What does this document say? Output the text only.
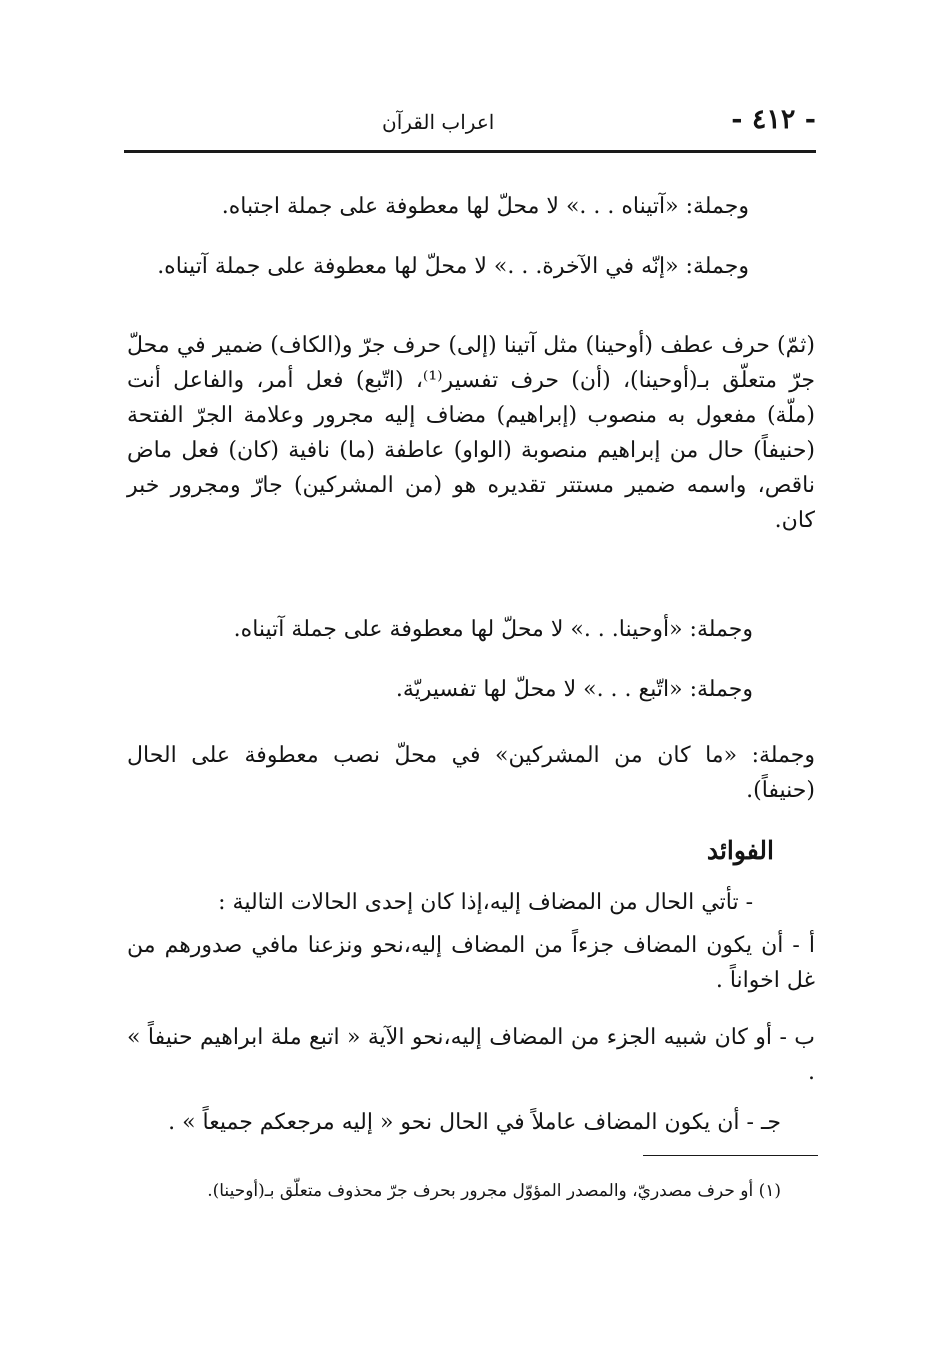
- ٤١٢ -
اعراب القرآن
وجملة: «آتيناه . . .» لا محلّ لها معطوفة على جملة اجتباه.
وجملة: «إنّه في الآخرة. . .» لا محلّ لها معطوفة على جملة آتيناه.
(ثمّ) حرف عطف (أوحينا) مثل آتينا (إلى) حرف جرّ و(الكاف) ضمير في محلّ جرّ متعلّق بـ(أوحينا)، (أن) حرف تفسير⁽¹⁾، (اتّبع) فعل أمر، والفاعل أنت (ملّة) مفعول به منصوب (إبراهيم) مضاف إليه مجرور وعلامة الجرّ الفتحة (حنيفاً) حال من إبراهيم منصوبة (الواو) عاطفة (ما) نافية (كان) فعل ماض ناقص، واسمه ضمير مستتر تقديره هو (من المشركين) جارّ ومجرور خبر كان.
وجملة: «أوحينا. . .» لا محلّ لها معطوفة على جملة آتيناه.
وجملة: «اتّبع . . .» لا محلّ لها تفسيريّة.
وجملة: «ما كان من المشركين» في محلّ نصب معطوفة على الحال (حنيفاً).
الفوائد
- تأتي الحال من المضاف إليه،إذا كان إحدى الحالات التالية :
أ - أن يكون المضاف جزءاً من المضاف إليه،نحو ونزعنا مافي صدورهم من غل اخواناً .
ب - أو كان شبيه الجزء من المضاف إليه،نحو الآية « اتبع ملة ابراهيم حنيفاً » .
جـ - أن يكون المضاف عاملاً في الحال نحو « إليه مرجعكم جميعاً » .
(١) أو حرف مصدريّ، والمصدر المؤوّل مجرور بحرف جرّ محذوف متعلّق بـ(أوحينا).
